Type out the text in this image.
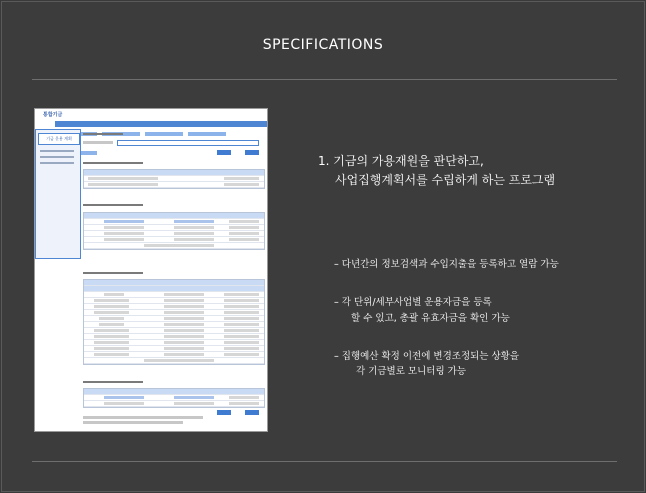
SPECIFICATIONS
통합기금
기금 운용 계획
1. 기금의 가용재원을 판단하고,
사업집행계획서를 수립하게 하는 프로그램
– 다년간의 정보검색과 수입지출을 등록하고 열람 가능
– 각 단위/세부사업별 운용자금을 등록
할 수 있고, 총괄 유효자금을 확인 가능
– 집행예산 확정 이전에 변경조정되는 상황을
각 기금별로 모니터링 가능
